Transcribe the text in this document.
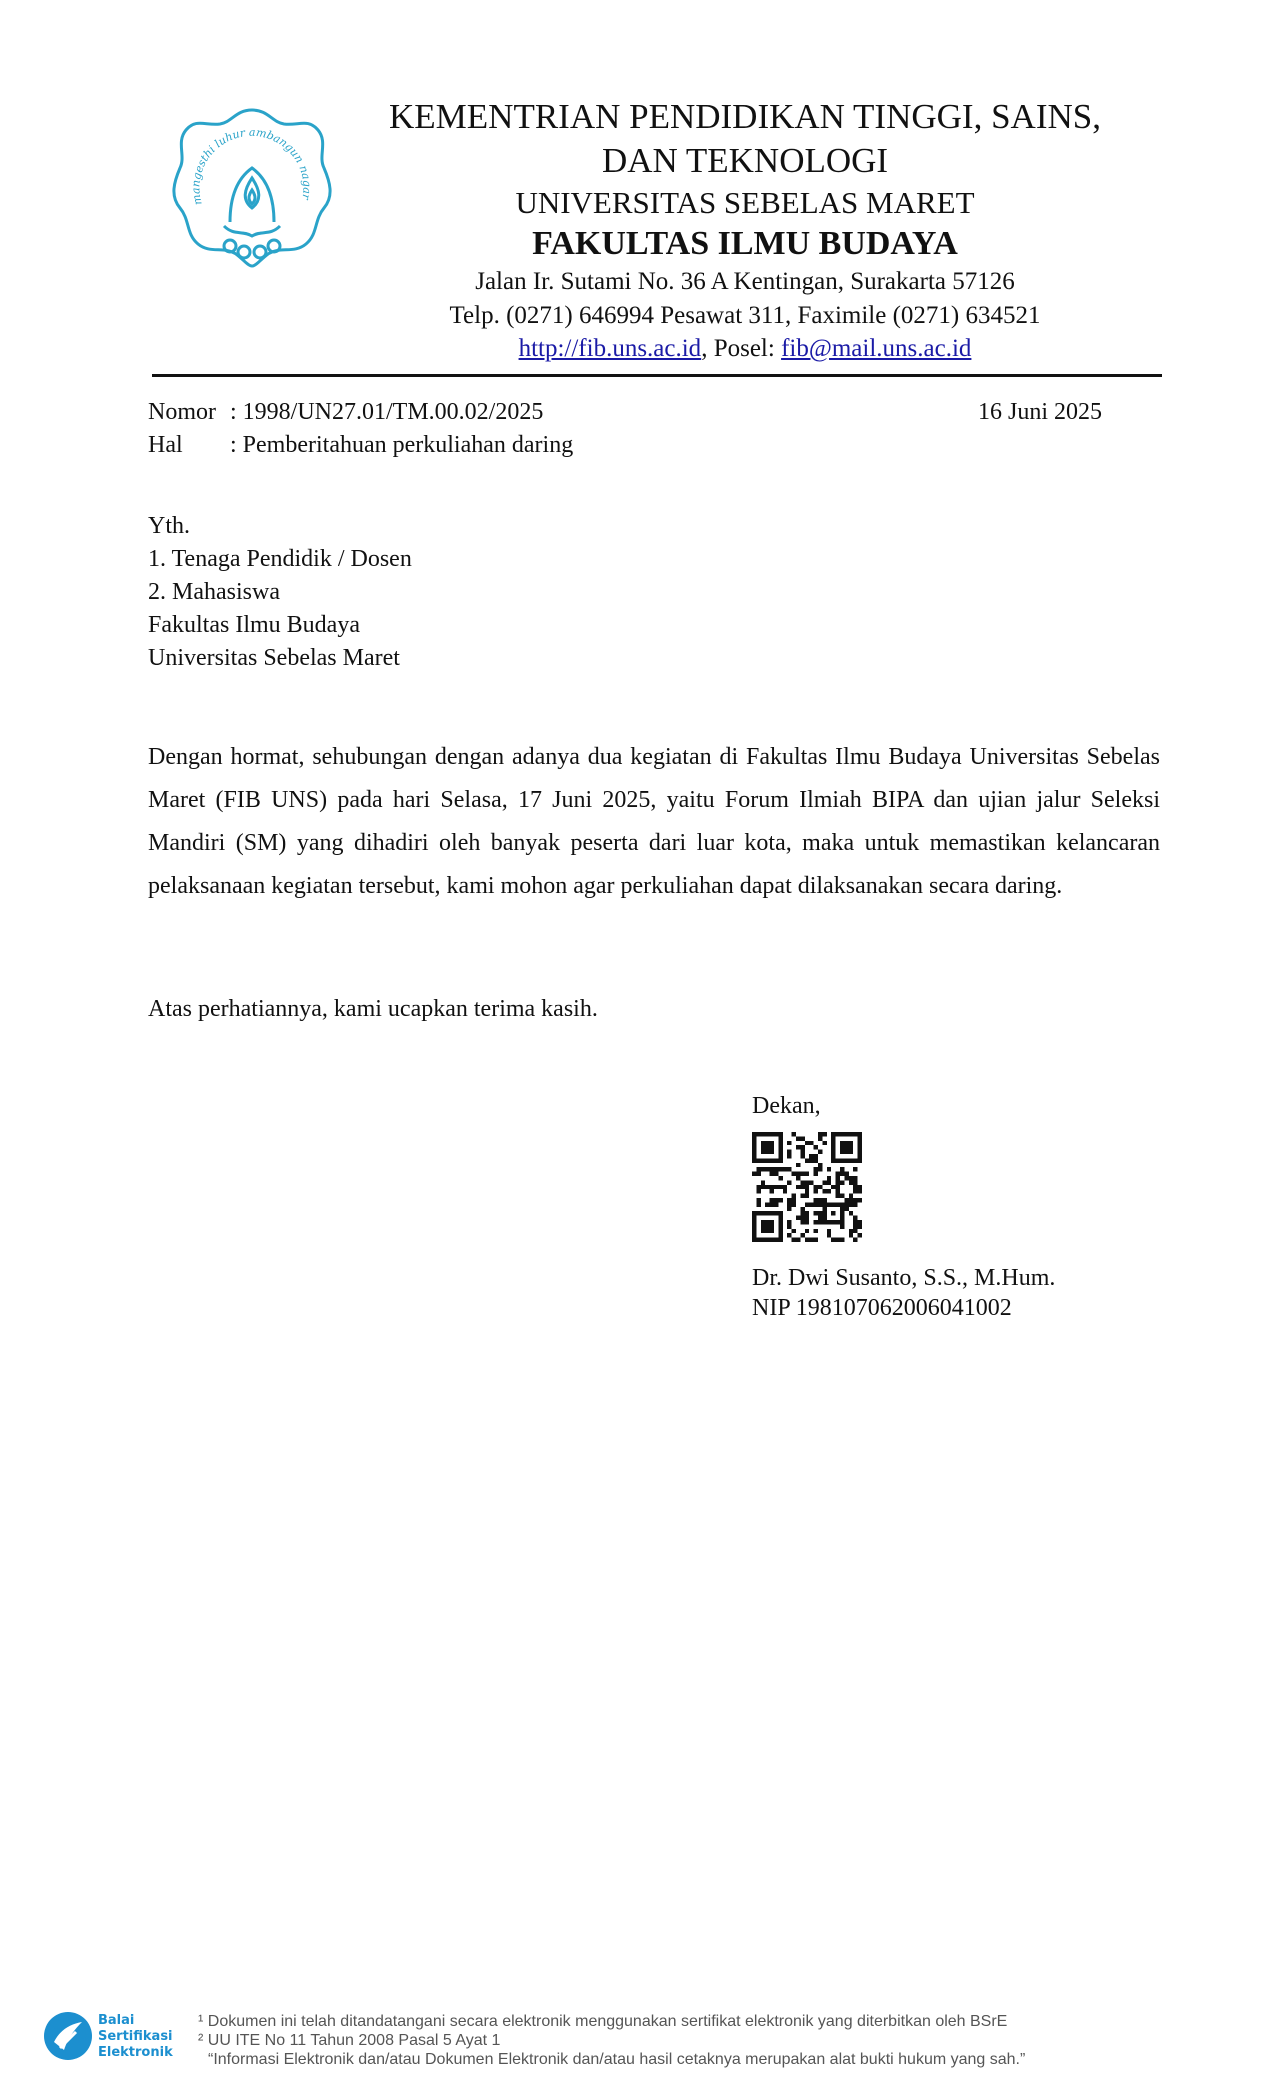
mangesthi luhur ambangun nagar
KEMENTRIAN PENDIDIKAN TINGGI, SAINS,
DAN TEKNOLOGI
UNIVERSITAS SEBELAS MARET
FAKULTAS ILMU BUDAYA
Jalan Ir. Sutami No. 36 A Kentingan, Surakarta 57126
Telp. (0271) 646994 Pesawat 311, Faximile (0271) 634521
http://fib.uns.ac.id, Posel: fib@mail.uns.ac.id
Nomor : 1998/UN27.01/TM.00.02/2025	16 Juni 2025
Hal : Pemberitahuan perkuliahan daring
Yth.
1. Tenaga Pendidik / Dosen
2. Mahasiswa
Fakultas Ilmu Budaya
Universitas Sebelas Maret
Dengan hormat, sehubungan dengan adanya dua kegiatan di Fakultas Ilmu Budaya Universitas Sebelas Maret (FIB UNS) pada hari Selasa, 17 Juni 2025, yaitu Forum Ilmiah BIPA dan ujian jalur Seleksi Mandiri (SM) yang dihadiri oleh banyak peserta dari luar kota, maka untuk memastikan kelancaran pelaksanaan kegiatan tersebut, kami mohon agar perkuliahan dapat dilaksanakan secara daring.
Atas perhatiannya, kami ucapkan terima kasih.
Dekan,
Dr. Dwi Susanto, S.S., M.Hum.
NIP 198107062006041002
Balai
Sertifikasi
Elektronik
¹ Dokumen ini telah ditandatangani secara elektronik menggunakan sertifikat elektronik yang diterbitkan oleh BSrE
² UU ITE No 11 Tahun 2008 Pasal 5 Ayat 1
“Informasi Elektronik dan/atau Dokumen Elektronik dan/atau hasil cetaknya merupakan alat bukti hukum yang sah.”
